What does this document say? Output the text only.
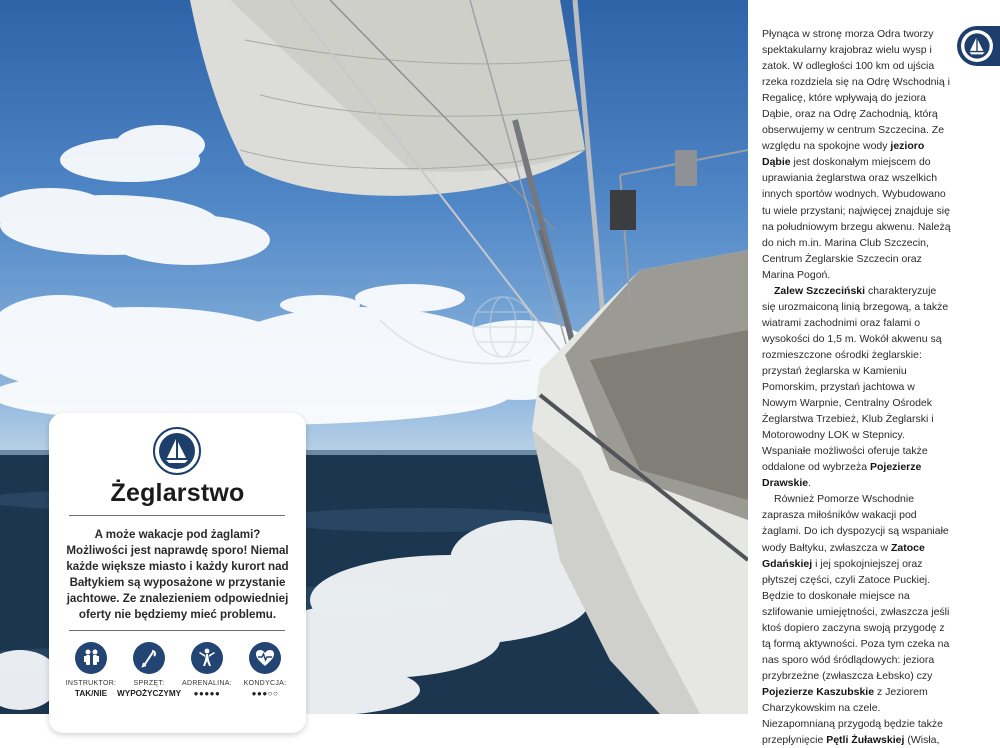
Żeglarstwo
A może wakacje pod żaglami? Możliwości jest naprawdę sporo! Niemal każde większe miasto i każdy kurort nad Bałtykiem są wyposażone w przystanie jachtowe. Ze znalezieniem odpowiedniej oferty nie będziemy mieć problemu.
INSTRUKTOR:
TAK/NIE
SPRZĘT:
WYPOŻYCZYMY
ADRENALINA:
●●●●●
KONDYCJA:
●●●○○

Płynąca w stronę morza Odra tworzy spektakularny krajobraz wielu wysp i zatok. W odległości 100 km od ujścia rzeka rozdziela się na Odrę Wschodnią i Regalicę, które wpływają do jeziora Dąbie, oraz na Odrę Zachodnią, którą obserwujemy w centrum Szczecina. Ze względu na spokojne wody jezioro Dąbie jest doskonałym miejscem do uprawiania żeglarstwa oraz wszelkich innych sportów wodnych. Wybudowano tu wiele przystani; najwięcej znajduje się na południowym brzegu akwenu. Należą do nich m.in. Marina Club Szczecin, Centrum Żeglarskie Szczecin oraz Marina Pogoń.

Zalew Szczeciński charakteryzuje się urozmaiconą linią brzegową, a także wiatrami zachodnimi oraz falami o wysokości do 1,5 m. Wokół akwenu są rozmieszczone ośrodki żeglarskie: przystań żeglarska w Kamieniu Pomorskim, przystań jachtowa w Nowym Warpnie, Centralny Ośrodek Żeglarstwa Trzebież, Klub Żeglarski i Motorowodny LOK w Stepnicy. Wspaniałe możliwości oferuje także oddalone od wybrzeża Pojezierze Drawskie.

Również Pomorze Wschodnie zaprasza miłośników wakacji pod żaglami. Do ich dyspozycji są wspaniałe wody Bałtyku, zwłaszcza w Zatoce Gdańskiej i jej spokojniejszej oraz płytszej części, czyli Zatoce Puckiej. Będzie to doskonałe miejsce na szlifowanie umiejętności, zwłaszcza jeśli ktoś dopiero zaczyna swoją przygodę z tą formą aktywności. Poza tym czeka na nas sporo wód śródlądowych: jeziora przybrzeżne (zwłaszcza Łebsko) czy Pojezierze Kaszubskie z Jeziorem Charzykowskim na czele. Niezapomnianą przygodą będzie także przepłynięcie Pętli Żuławskiej (Wisła,
